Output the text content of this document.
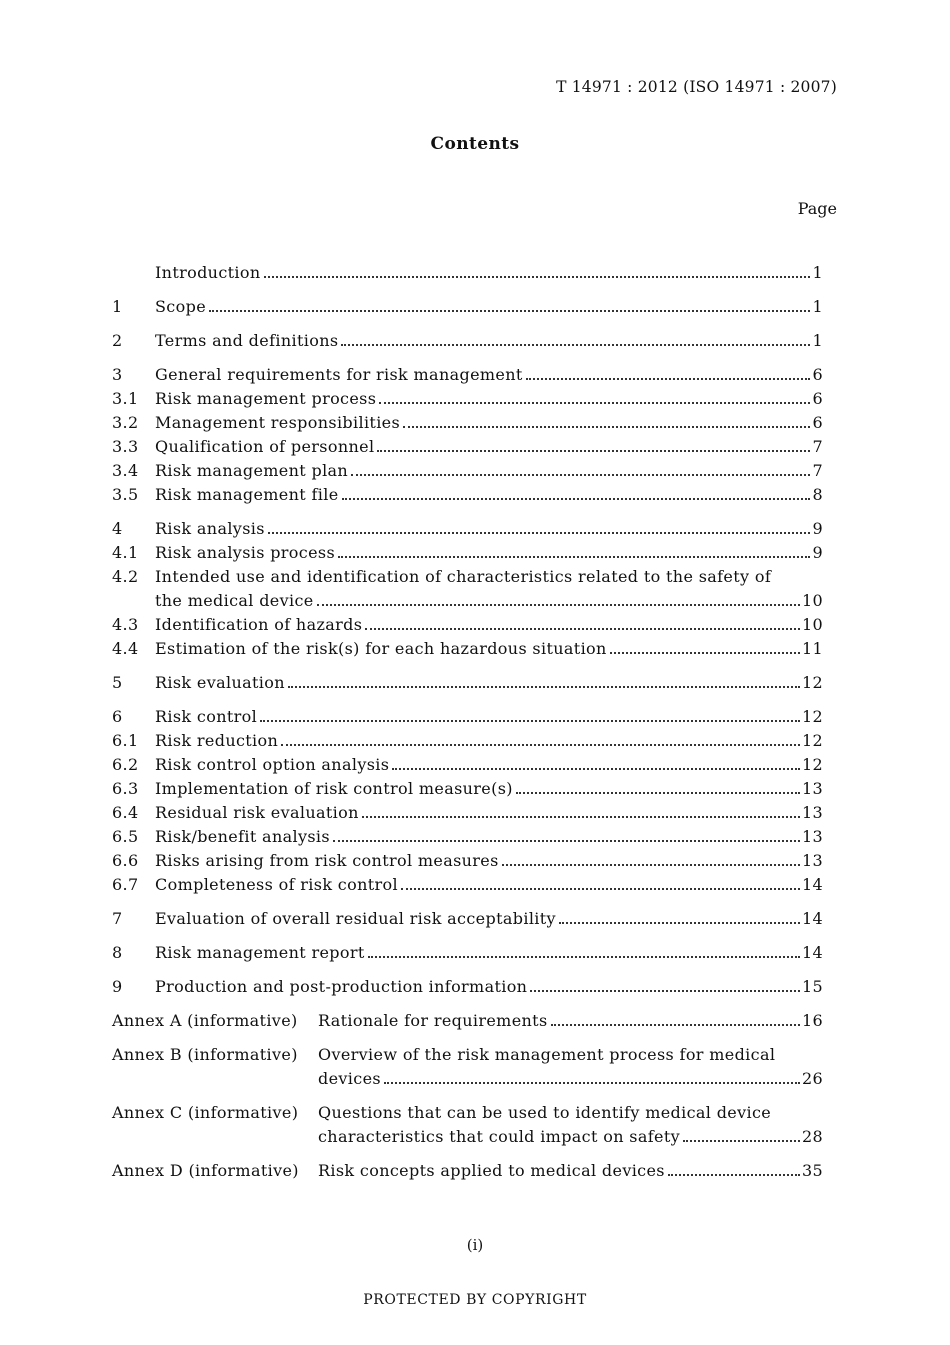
T 14971 : 2012 (ISO 14971 : 2007)
Contents
Page
Introduction	1
1	Scope	1
2	Terms and definitions	1
3	General requirements for risk management	6
3.1	Risk management process	6
3.2	Management responsibilities	6
3.3	Qualification of personnel	7
3.4	Risk management plan	7
3.5	Risk management file	8
4	Risk analysis	9
4.1	Risk analysis process	9
4.2	Intended use and identification of characteristics related to the safety of
the medical device	10
4.3	Identification of hazards	10
4.4	Estimation of the risk(s) for each hazardous situation	11
5	Risk evaluation	12
6	Risk control	12
6.1	Risk reduction	12
6.2	Risk control option analysis	12
6.3	Implementation of risk control measure(s)	13
6.4	Residual risk evaluation	13
6.5	Risk/benefit analysis	13
6.6	Risks arising from risk control measures	13
6.7	Completeness of risk control	14
7	Evaluation of overall residual risk acceptability	14
8	Risk management report	14
9	Production and post-production information	15
Annex A (informative)	Rationale for requirements	16
Annex B (informative)	Overview of the risk management process for medical
devices	26
Annex C (informative)	Questions that can be used to identify medical device
characteristics that could impact on safety	28
Annex D (informative)	Risk concepts applied to medical devices	35
(i)
PROTECTED BY COPYRIGHT
